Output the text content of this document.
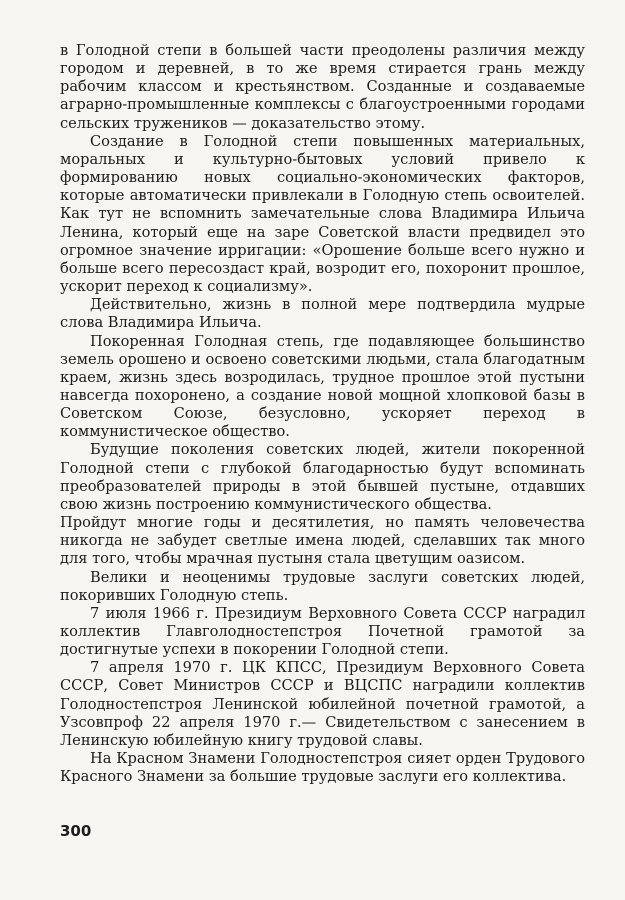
в Голодной степи в большей части преодолены различия между городом и деревней, в то же время стирается грань между рабочим классом и крестьянством. Созданные и создаваемые аграрно-промышленные комплексы с благоустроенными городами сельских тружеников — доказательство этому.

Создание в Голодной степи повышенных материальных, моральных и культурно-бытовых условий привело к формированию новых социально-экономических факторов, которые автоматически привлекали в Голодную степь освоителей. Как тут не вспомнить замечательные слова Владимира Ильича Ленина, который еще на заре Советской власти предвидел это огромное значение ирригации: «Орошение больше всего нужно и больше всего пересоздаст край, возродит его, похоронит прошлое, ускорит переход к социализму».

Действительно, жизнь в полной мере подтвердила мудрые слова Владимира Ильича.

Покоренная Голодная степь, где подавляющее большинство земель орошено и освоено советскими людьми, стала благодатным краем, жизнь здесь возродилась, трудное прошлое этой пустыни навсегда похоронено, а создание новой мощной хлопковой базы в Советском Союзе, безусловно, ускоряет переход в коммунистическое общество.

Будущие поколения советских людей, жители покоренной Голодной степи с глубокой благодарностью будут вспоминать преобразователей природы в этой бывшей пустыне, отдавших свою жизнь построению коммунистического общества.

Пройдут многие годы и десятилетия, но память человечества никогда не забудет светлые имена людей, сделавших так много для того, чтобы мрачная пустыня стала цветущим оазисом.

Велики и неоценимы трудовые заслуги советских людей, покоривших Голодную степь.

7 июля 1966 г. Президиум Верховного Совета СССР наградил коллектив Главголодностепстроя Почетной грамотой за достигнутые успехи в покорении Голодной степи.

7 апреля 1970 г. ЦК КПСС, Президиум Верховного Совета СССР, Совет Министров СССР и ВЦСПС наградили коллектив Голодностепстроя Ленинской юбилейной почетной грамотой, а Узсовпроф 22 апреля 1970 г.— Свидетельством с занесением в Ленинскую юбилейную книгу трудовой славы.

На Красном Знамени Голодностепстроя сияет орден Трудового Красного Знамени за большие трудовые заслуги его коллектива.

300
